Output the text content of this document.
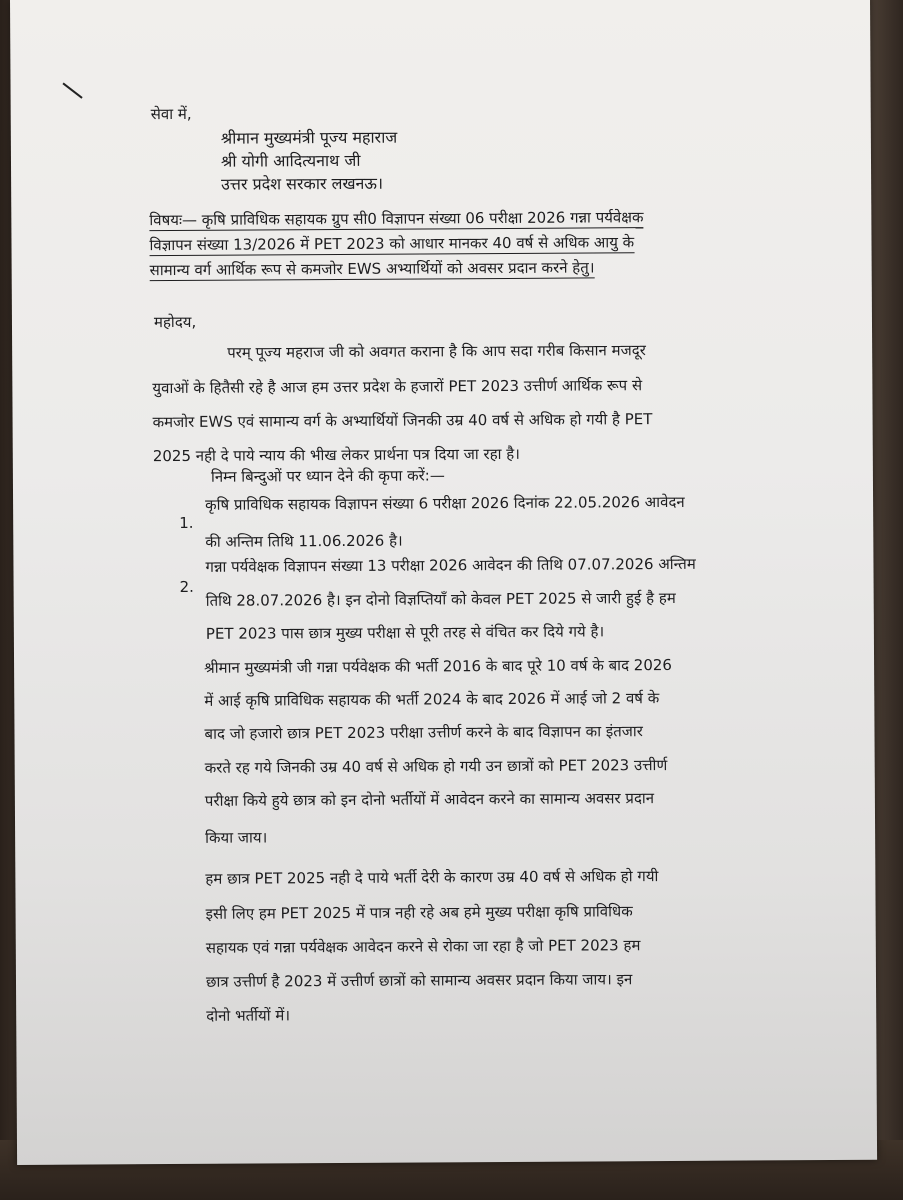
सेवा में,
श्रीमान मुख्यमंत्री पूज्य महाराज
श्री योगी आदित्यनाथ जी
उत्तर प्रदेश सरकार लखनऊ।
विषयः— कृषि प्राविधिक सहायक ग्रुप सी0 विज्ञापन संख्या 06 परीक्षा 2026 गन्ना पर्यवेक्षक
विज्ञापन संख्या 13/2026 में PET 2023 को आधार मानकर 40 वर्ष से अधिक आयु के
सामान्य वर्ग आर्थिक रूप से कमजोर EWS अभ्यार्थियों को अवसर प्रदान करने हेतु।
महोदय,
परम् पूज्य महराज जी को अवगत कराना है कि आप सदा गरीब किसान मजदूर
युवाओं के हितैसी रहे है आज हम उत्तर प्रदेश के हजारों PET 2023 उत्तीर्ण आर्थिक रूप से
कमजोर EWS एवं सामान्य वर्ग के अभ्यार्थियों जिनकी उम्र 40 वर्ष से अधिक हो गयी है PET
2025 नही दे पाये न्याय की भीख लेकर प्रार्थना पत्र दिया जा रहा है।
निम्न बिन्दुओं पर ध्यान देने की कृपा करें:—
1.
कृषि प्राविधिक सहायक विज्ञापन संख्या 6 परीक्षा 2026 दिनांक 22.05.2026 आवेदन
की अन्तिम तिथि 11.06.2026 है।
2.
गन्ना पर्यवेक्षक विज्ञापन संख्या 13 परीक्षा 2026 आवेदन की तिथि 07.07.2026 अन्तिम
तिथि 28.07.2026 है। इन दोनो विज्ञप्तियाँ को केवल PET 2025 से जारी हुई है हम
PET 2023 पास छात्र मुख्य परीक्षा से पूरी तरह से वंचित कर दिये गये है।
श्रीमान मुख्यमंत्री जी गन्ना पर्यवेक्षक की भर्ती 2016 के बाद पूरे 10 वर्ष के बाद 2026
में आई कृषि प्राविधिक सहायक की भर्ती 2024 के बाद 2026 में आई जो 2 वर्ष के
बाद जो हजारो छात्र PET 2023 परीक्षा उत्तीर्ण करने के बाद विज्ञापन का इंतजार
करते रह गये जिनकी उम्र 40 वर्ष से अधिक हो गयी उन छात्रों को PET 2023 उत्तीर्ण
परीक्षा किये हुये छात्र को इन दोनो भर्तीयों में आवेदन करने का सामान्य अवसर प्रदान
किया जाय।
हम छात्र PET 2025 नही दे पाये भर्ती देरी के कारण उम्र 40 वर्ष से अधिक हो गयी
इसी लिए हम PET 2025 में पात्र नही रहे अब हमे मुख्य परीक्षा कृषि प्राविधिक
सहायक एवं गन्ना पर्यवेक्षक आवेदन करने से रोका जा रहा है जो PET 2023 हम
छात्र उत्तीर्ण है 2023 में उत्तीर्ण छात्रों को सामान्य अवसर प्रदान किया जाय। इन
दोनो भर्तीयों में।
